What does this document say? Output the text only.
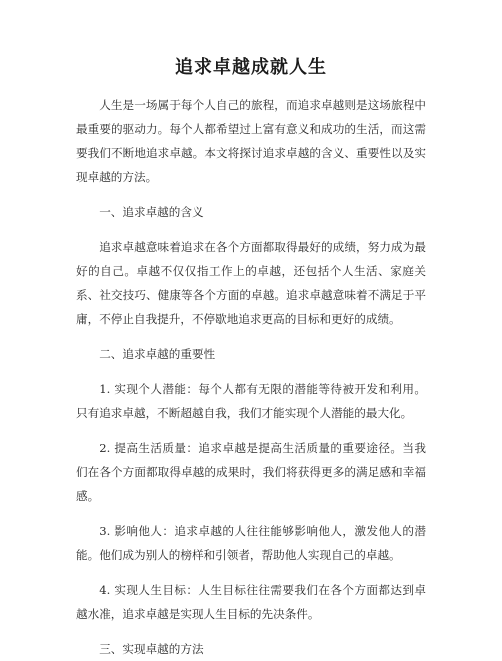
追求卓越成就人生

人生是一场属于每个人自己的旅程，而追求卓越则是这场旅程中最重要的驱动力。每个人都希望过上富有意义和成功的生活，而这需要我们不断地追求卓越。本文将探讨追求卓越的含义、重要性以及实现卓越的方法。

一、追求卓越的含义

追求卓越意味着追求在各个方面都取得最好的成绩，努力成为最好的自己。卓越不仅仅指工作上的卓越，还包括个人生活、家庭关系、社交技巧、健康等各个方面的卓越。追求卓越意味着不满足于平庸，不停止自我提升，不停歇地追求更高的目标和更好的成绩。

二、追求卓越的重要性

1. 实现个人潜能：每个人都有无限的潜能等待被开发和利用。只有追求卓越，不断超越自我，我们才能实现个人潜能的最大化。

2. 提高生活质量：追求卓越是提高生活质量的重要途径。当我们在各个方面都取得卓越的成果时，我们将获得更多的满足感和幸福感。

3. 影响他人：追求卓越的人往往能够影响他人，激发他人的潜能。他们成为别人的榜样和引领者，帮助他人实现自己的卓越。

4. 实现人生目标：人生目标往往需要我们在各个方面都达到卓越水准，追求卓越是实现人生目标的先决条件。

三、实现卓越的方法
